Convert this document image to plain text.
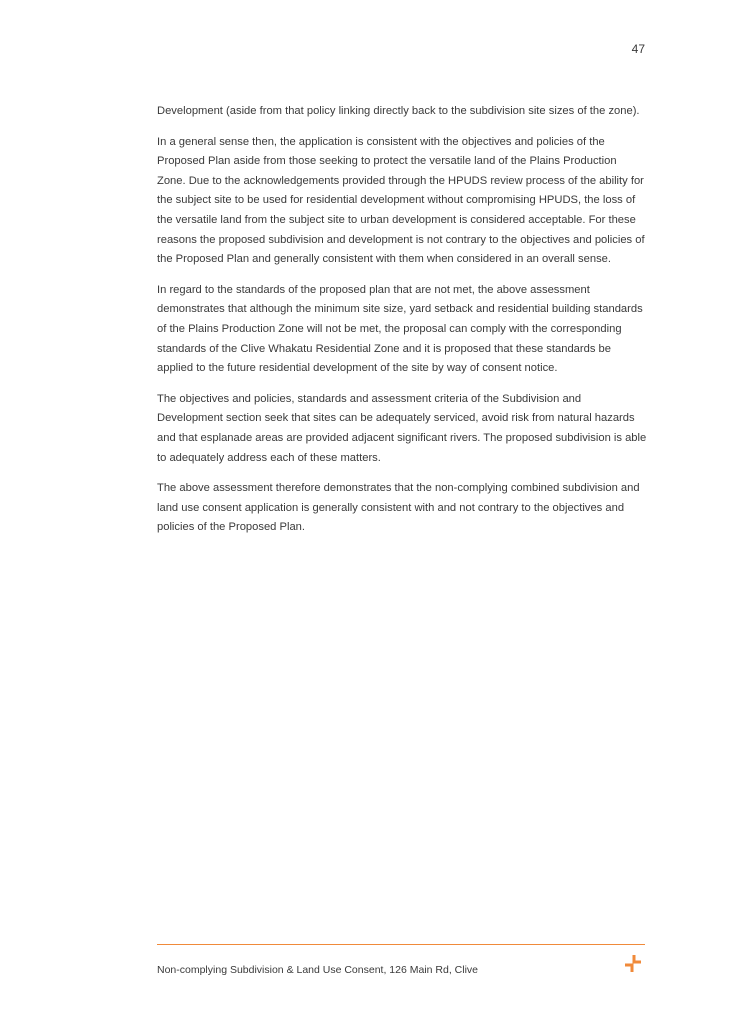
47

Development (aside from that policy linking directly back to the subdivision site sizes of the zone).

In a general sense then, the application is consistent with the objectives and policies of the Proposed Plan aside from those seeking to protect the versatile land of the Plains Production Zone. Due to the acknowledgements provided through the HPUDS review process of the ability for the subject site to be used for residential development without compromising HPUDS, the loss of the versatile land from the subject site to urban development is considered acceptable. For these reasons the proposed subdivision and development is not contrary to the objectives and policies of the Proposed Plan and generally consistent with them when considered in an overall sense.

In regard to the standards of the proposed plan that are not met, the above assessment demonstrates that although the minimum site size, yard setback and residential building standards of the Plains Production Zone will not be met, the proposal can comply with the corresponding standards of the Clive Whakatu Residential Zone and it is proposed that these standards be applied to the future residential development of the site by way of consent notice.

The objectives and policies, standards and assessment criteria of the Subdivision and Development section seek that sites can be adequately serviced, avoid risk from natural hazards and that esplanade areas are provided adjacent significant rivers. The proposed subdivision is able to adequately address each of these matters.

The above assessment therefore demonstrates that the non-complying combined subdivision and land use consent application is generally consistent with and not contrary to the objectives and policies of the Proposed Plan.

Non-complying Subdivision & Land Use Consent, 126 Main Rd, Clive
